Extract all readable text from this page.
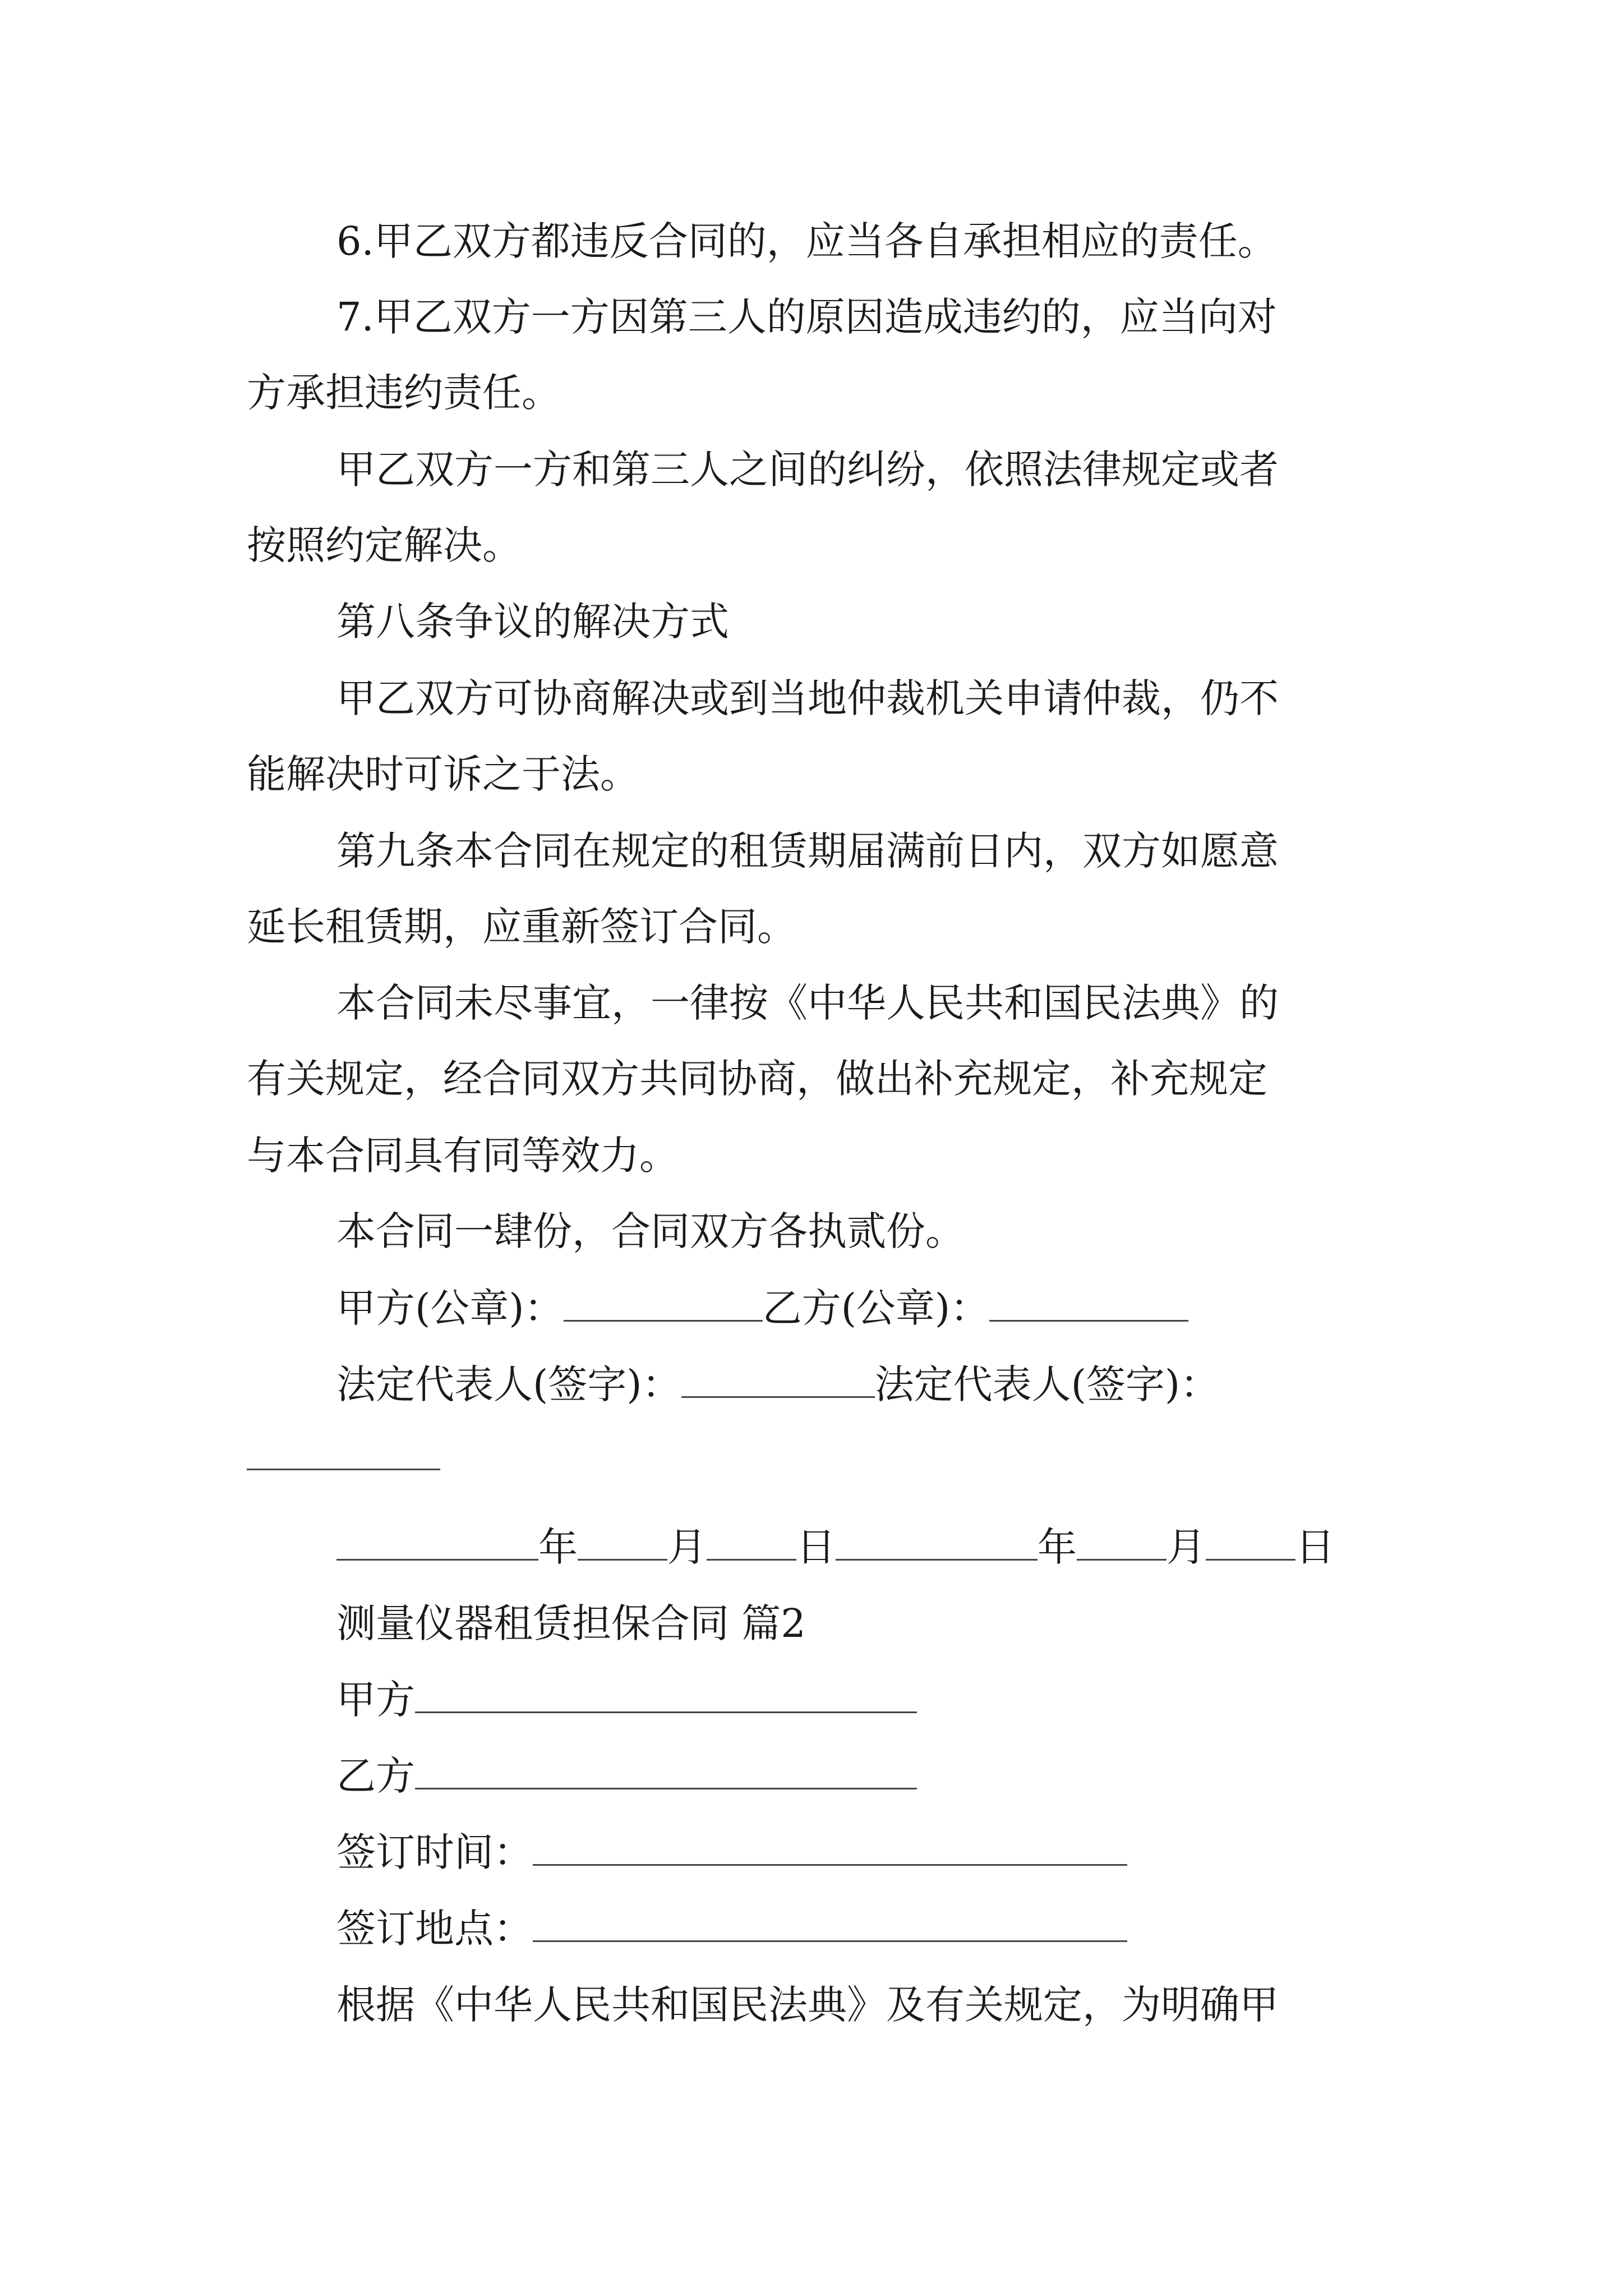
6.甲乙双方都违反合同的，应当各自承担相应的责任。

7.甲乙双方一方因第三人的原因造成违约的，应当向对

方承担违约责任。

甲乙双方一方和第三人之间的纠纷，依照法律规定或者

按照约定解决。

第八条争议的解决方式

甲乙双方可协商解决或到当地仲裁机关申请仲裁，仍不

能解决时可诉之于法。

第九条本合同在规定的租赁期届满前日内，双方如愿意

延长租赁期，应重新签订合同。

本合同未尽事宜，一律按《中华人民共和国民法典》的

有关规定，经合同双方共同协商，做出补充规定，补充规定

与本合同具有同等效力。

本合同一肆份，合同双方各执贰份。

甲方(公章)：	乙方(公章)：

法定代表人(签字)：	法定代表人(签字)：

年 月 日	年 月 日

测量仪器租赁担保合同 篇2

甲方

乙方

签订时间：

签订地点：

根据《中华人民共和国民法典》及有关规定，为明确甲
